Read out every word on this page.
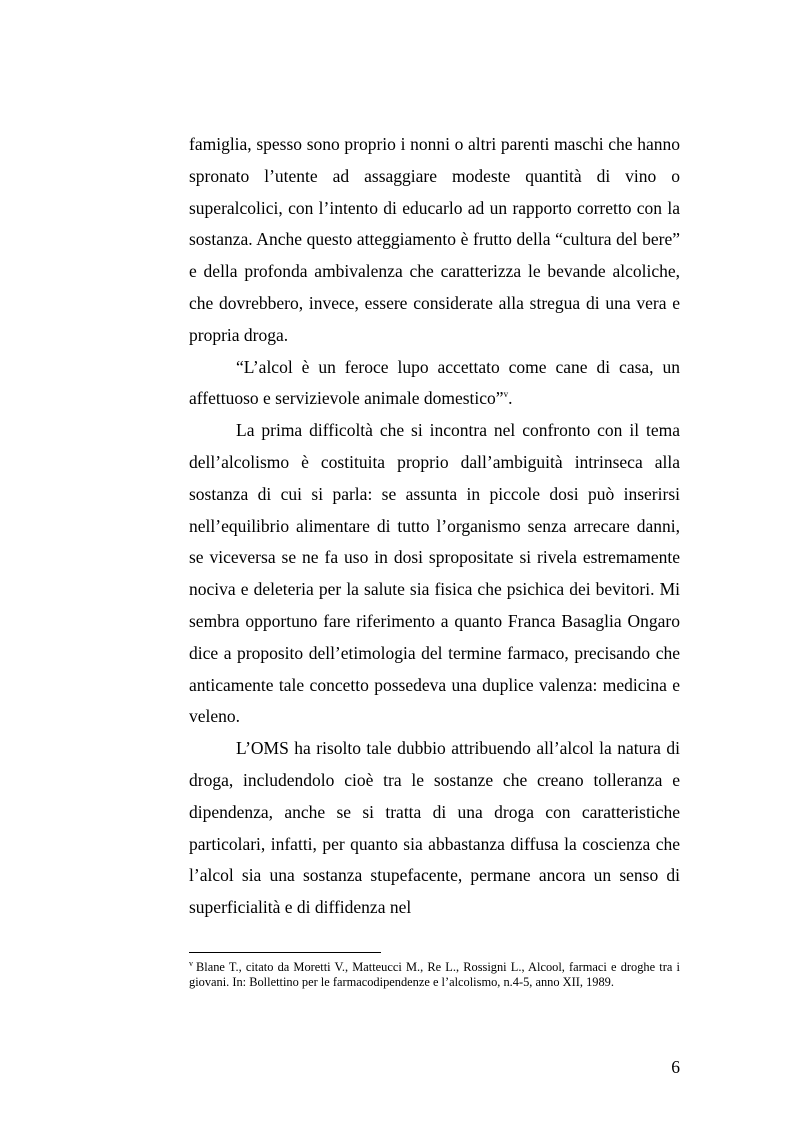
famiglia, spesso sono proprio i nonni o altri parenti maschi che hanno spronato l’utente ad assaggiare modeste quantità di vino o superalcolici, con l’intento di educarlo ad un rapporto corretto con la sostanza. Anche questo atteggiamento è frutto della “cultura del bere” e della profonda ambivalenza che caratterizza le bevande alcoliche, che dovrebbero, invece, essere considerate alla stregua di una vera e propria droga.

“L’alcol è un feroce lupo accettato come cane di casa, un affettuoso e servizievole animale domestico”$^v$.

La prima difficoltà che si incontra nel confronto con il tema dell’alcolismo è costituita proprio dall’ambiguità intrinseca alla sostanza di cui si parla: se assunta in piccole dosi può inserirsi nell’equilibrio alimentare di tutto l’organismo senza arrecare danni, se viceversa se ne fa uso in dosi spropositate si rivela estremamente nociva e deleteria per la salute sia fisica che psichica dei bevitori. Mi sembra opportuno fare riferimento a quanto Franca Basaglia Ongaro dice a proposito dell’etimologia del termine farmaco, precisando che anticamente tale concetto possedeva una duplice valenza: medicina e veleno.

L’OMS ha risolto tale dubbio attribuendo all’alcol la natura di droga, includendolo cioè tra le sostanze che creano tolleranza e dipendenza, anche se si tratta di una droga con caratteristiche particolari, infatti, per quanto sia abbastanza diffusa la coscienza che l’alcol sia una sostanza stupefacente, permane ancora un senso di superficialità e di diffidenza nel

$^v$ Blane T., citato da Moretti V., Matteucci M., Re L., Rossigni L., Alcool, farmaci e droghe tra i giovani. In: Bollettino per le farmacodipendenze e l’alcolismo, n.4-5, anno XII, 1989.

6
